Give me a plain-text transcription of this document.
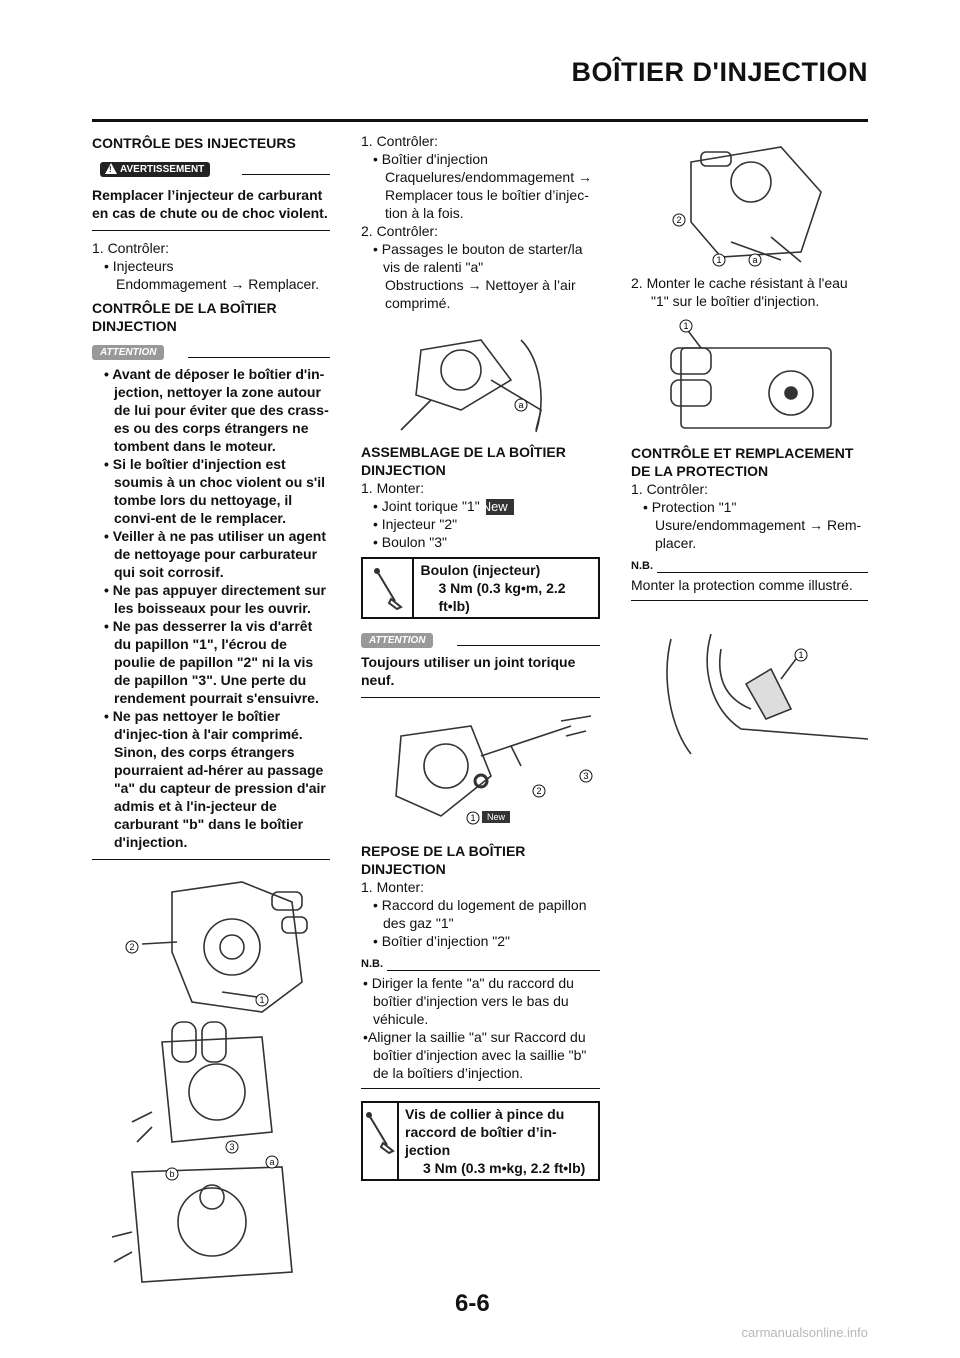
BOÎTIER D'INJECTION
CONTRÔLE DES INJECTEURS
! AVERTISSEMENT
Remplacer l’injecteur de carburant en cas de chute ou de choc violent.
1. Contrôler:
• Injecteurs
Endommagement → Remplacer.
CONTRÔLE DE LA BOÎTIER DINJECTION
ATTENTION
• Avant de déposer le boîtier d'in-jection, nettoyer la zone autour de lui pour éviter que des crass-es ou des corps étrangers ne tombent dans le moteur.
• Si le boîtier d'injection est soumis à un choc violent ou s'il tombe lors du nettoyage, il convi-ent de le remplacer.
• Veiller à ne pas utiliser un agent de nettoyage pour carburateur qui soit corrosif.
• Ne pas appuyer directement sur les boisseaux pour les ouvrir.
• Ne pas desserrer la vis d'arrêt du papillon "1", l'écrou de poulie de papillon "2" ni la vis de papillon "3". Une perte du rendement pourrait s'ensuivre.
• Ne pas nettoyer le boîtier d'injec-tion à l'air comprimé. Sinon, des corps étrangers pourraient ad-hérer au passage "a" du capteur de pression d'air admis et à l'in-jecteur de carburant "b" dans le boîtier d'injection.
2
1
3
b
a
1. Contrôler:
• Boîtier d'injection
Craquelures/endommagement → Remplacer tous le boîtier d’injec-tion à la fois.
2. Contrôler:
• Passages le bouton de starter/la vis de ralenti "a"
Obstructions → Nettoyer à l’air comprimé.
a
ASSEMBLAGE DE LA BOÎTIER DINJECTION
1. Monter:
• Joint torique "1" New
• Injecteur "2"
• Boulon "3"
Boulon (injecteur)
3 Nm (0.3 kg•m, 2.2 ft•lb)
ATTENTION
Toujours utiliser un joint torique neuf.
2
3
1 New
REPOSE DE LA BOÎTIER DINJECTION
1. Monter:
• Raccord du logement de papillon des gaz "1"
• Boîtier d’injection "2"
N.B.
• Diriger la fente "a" du raccord du boîtier d'injection vers le bas du véhicule.
•Aligner la saillie "a" sur Raccord du boîtier d'injection avec la saillie "b" de la boîtiers d’injection.
Vis de collier à pince du raccord de boîtier d’in-jection
3 Nm (0.3 m•kg, 2.2 ft•lb)
2
1	a
2. Monter le cache résistant à l'eau "1" sur le boîtier d'injection.
1
CONTRÔLE ET REMPLACEMENT DE LA PROTECTION
1. Contrôler:
• Protection "1"
Usure/endommagement → Rem-placer.
N.B.
Monter la protection comme illustré.
1
6-6
carmanualsonline.info
